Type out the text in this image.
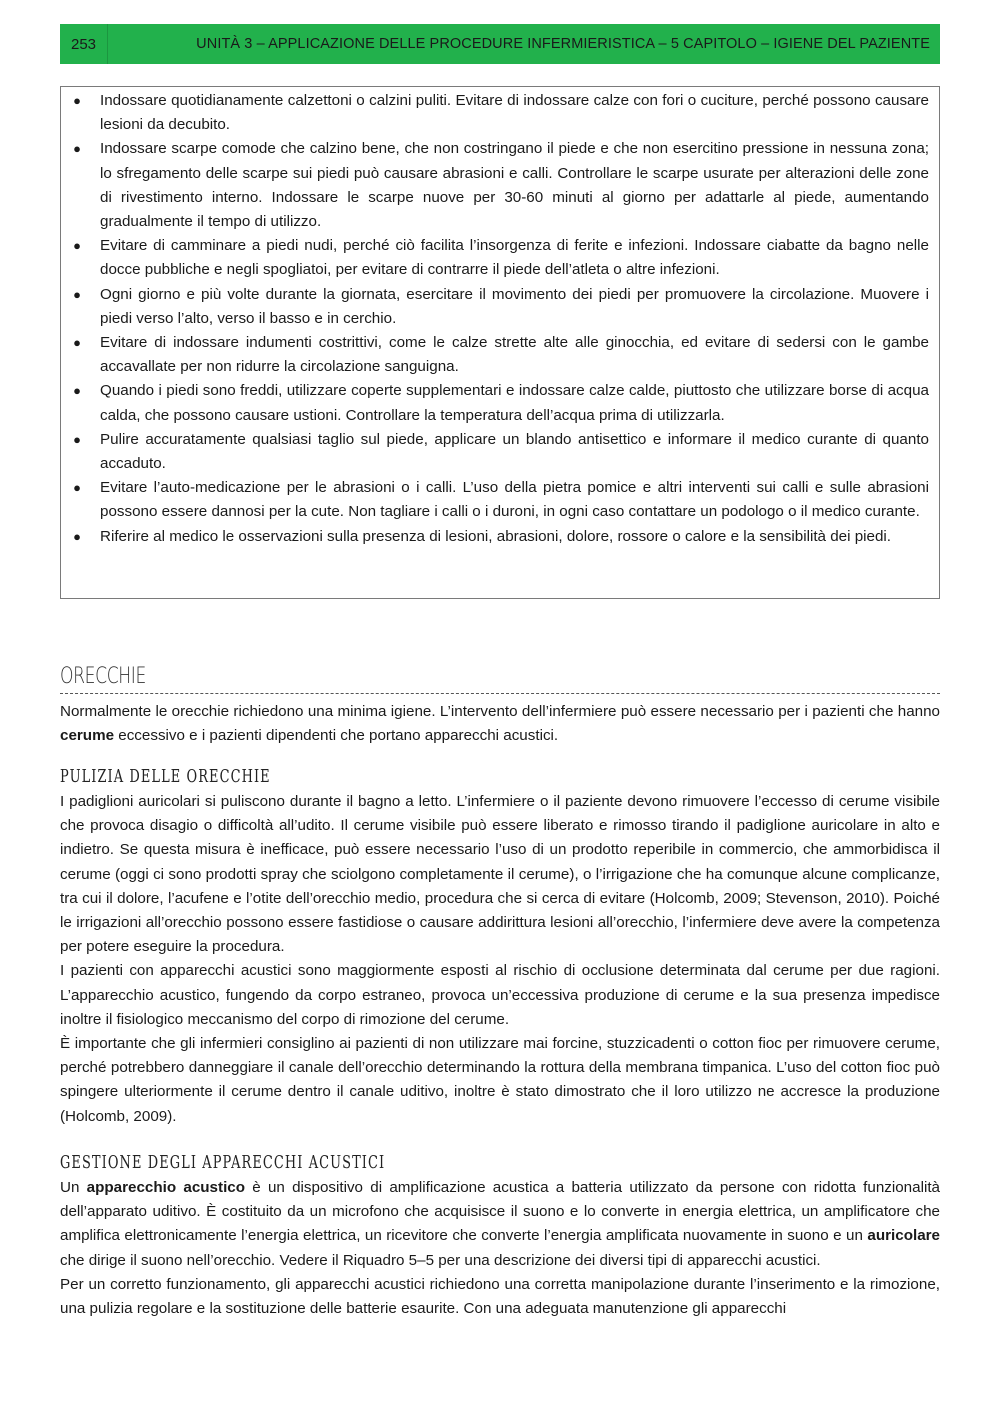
253	UNITÀ 3 – APPLICAZIONE DELLE PROCEDURE INFERMIERISTICA – 5 CAPITOLO – IGIENE DEL PAZIENTE
● Indossare quotidianamente calzettoni o calzini puliti. Evitare di indossare calze con fori o cuciture, perché possono causare lesioni da decubito.
● Indossare scarpe comode che calzino bene, che non costringano il piede e che non esercitino pressione in nessuna zona; lo sfregamento delle scarpe sui piedi può causare abrasioni e calli. Controllare le scarpe usurate per alterazioni delle zone di rivestimento interno. Indossare le scarpe nuove per 30-60 minuti al giorno per adattarle al piede, aumentando gradualmente il tempo di utilizzo.
● Evitare di camminare a piedi nudi, perché ciò facilita l’insorgenza di ferite e infezioni. Indossare ciabatte da bagno nelle docce pubbliche e negli spogliatoi, per evitare di contrarre il piede dell’atleta o altre infezioni.
● Ogni giorno e più volte durante la giornata, esercitare il movimento dei piedi per promuovere la circolazione. Muovere i piedi verso l’alto, verso il basso e in cerchio.
● Evitare di indossare indumenti costrittivi, come le calze strette alte alle ginocchia, ed evitare di sedersi con le gambe accavallate per non ridurre la circolazione sanguigna.
● Quando i piedi sono freddi, utilizzare coperte supplementari e indossare calze calde, piuttosto che utilizzare borse di acqua calda, che possono causare ustioni. Controllare la temperatura dell’acqua prima di utilizzarla.
● Pulire accuratamente qualsiasi taglio sul piede, applicare un blando antisettico e informare il medico curante di quanto accaduto.
● Evitare l’auto-medicazione per le abrasioni o i calli. L’uso della pietra pomice e altri interventi sui calli e sulle abrasioni possono essere dannosi per la cute. Non tagliare i calli o i duroni, in ogni caso contattare un podologo o il medico curante.
● Riferire al medico le osservazioni sulla presenza di lesioni, abrasioni, dolore, rossore o calore e la sensibilità dei piedi.
ORECCHIE

Normalmente le orecchie richiedono una minima igiene. L’intervento dell’infermiere può essere necessario per i pazienti che hanno cerume eccessivo e i pazienti dipendenti che portano apparecchi acustici.

PULIZIA DELLE ORECCHIE

I padiglioni auricolari si puliscono durante il bagno a letto. L’infermiere o il paziente devono rimuovere l’eccesso di cerume visibile che provoca disagio o difficoltà all’udito. Il cerume visibile può essere liberato e rimosso tirando il padiglione auricolare in alto e indietro. Se questa misura è inefficace, può essere necessario l’uso di un prodotto reperibile in commercio, che ammorbidisca il cerume (oggi ci sono prodotti spray che sciolgono completamente il cerume), o l’irrigazione che ha comunque alcune complicanze, tra cui il dolore, l’acufene e l’otite dell’orecchio medio, procedura che si cerca di evitare (Holcomb, 2009; Stevenson, 2010). Poiché le irrigazioni all’orecchio possono essere fastidiose o causare addirittura lesioni all’orecchio, l’infermiere deve avere la competenza per potere eseguire la procedura.

I pazienti con apparecchi acustici sono maggiormente esposti al rischio di occlusione determinata dal cerume per due ragioni. L’apparecchio acustico, fungendo da corpo estraneo, provoca un’eccessiva produzione di cerume e la sua presenza impedisce inoltre il fisiologico meccanismo del corpo di rimozione del cerume.

È importante che gli infermieri consiglino ai pazienti di non utilizzare mai forcine, stuzzicadenti o cotton fioc per rimuovere cerume, perché potrebbero danneggiare il canale dell’orecchio determinando la rottura della membrana timpanica. L’uso del cotton fioc può spingere ulteriormente il cerume dentro il canale uditivo, inoltre è stato dimostrato che il loro utilizzo ne accresce la produzione (Holcomb, 2009).

GESTIONE DEGLI APPARECCHI ACUSTICI

Un apparecchio acustico è un dispositivo di amplificazione acustica a batteria utilizzato da persone con ridotta funzionalità dell’apparato uditivo. È costituito da un microfono che acquisisce il suono e lo converte in energia elettrica, un amplificatore che amplifica elettronicamente l’energia elettrica, un ricevitore che converte l’energia amplificata nuovamente in suono e un auricolare che dirige il suono nell’orecchio. Vedere il Riquadro 5–5 per una descrizione dei diversi tipi di apparecchi acustici.

Per un corretto funzionamento, gli apparecchi acustici richiedono una corretta manipolazione durante l’inserimento e la rimozione, una pulizia regolare e la sostituzione delle batterie esaurite. Con una adeguata manutenzione gli apparecchi
